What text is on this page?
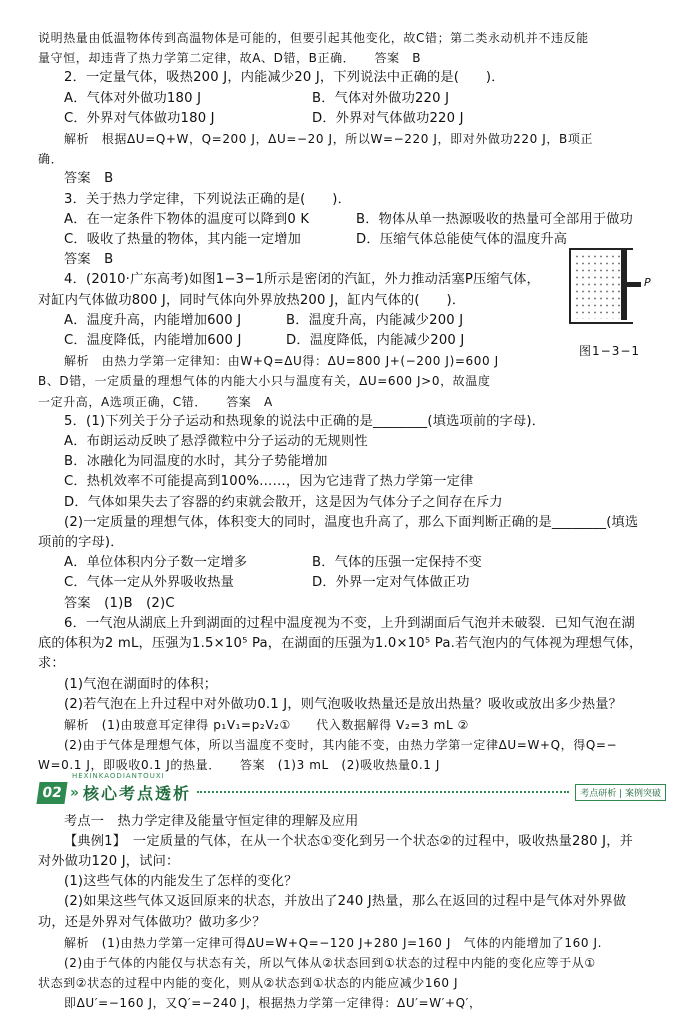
说明热量由低温物体传到高温物体是可能的，但要引起其他变化，故C错；第二类永动机并不违反能
量守恒，却违背了热力学第二定律，故A、D错，B正确．　　答案　B
2．一定量气体，吸热200 J，内能减少20 J，下列说法中正确的是(　　)．
A．气体对外做功180 J	B．气体对外做功220 J
C．外界对气体做功180 J	D．外界对气体做功220 J
解析　根据ΔU=Q+W，Q=200 J，ΔU=−20 J，所以W=−220 J，即对外做功220 J，B项正
确．
答案　B
3．关于热力学定律，下列说法正确的是(　　)．
A．在一定条件下物体的温度可以降到0 K	B．物体从单一热源吸收的热量可全部用于做功
C．吸收了热量的物体，其内能一定增加	D．压缩气体总能使气体的温度升高
答案　B
4．(2010·广东高考)如图1−3−1所示是密闭的汽缸，外力推动活塞P压缩气体，
对缸内气体做功800 J，同时气体向外界放热200 J，缸内气体的(　　)．
A．温度升高，内能增加600 J	B．温度升高，内能减少200 J
C．温度降低，内能增加600 J	D．温度降低，内能减少200 J
解析　由热力学第一定律知：由W+Q=ΔU得：ΔU=800 J+(−200 J)=600 J
B、D错，一定质量的理想气体的内能大小只与温度有关，ΔU=600 J>0，故温度
一定升高，A选项正确，C错．　　答案　A
5．(1)下列关于分子运动和热现象的说法中正确的是________(填选项前的字母)．
A．布朗运动反映了悬浮微粒中分子运动的无规则性
B．冰融化为同温度的水时，其分子势能增加
C．热机效率不可能提高到100%……，因为它违背了热力学第一定律
D．气体如果失去了容器的约束就会散开，这是因为气体分子之间存在斥力
(2)一定质量的理想气体，体积变大的同时，温度也升高了，那么下面判断正确的是________(填选
项前的字母)．
A．单位体积内分子数一定增多	B．气体的压强一定保持不变
C．气体一定从外界吸收热量	D．外界一定对气体做正功
答案　(1)B　(2)C
6．一气泡从湖底上升到湖面的过程中温度视为不变，上升到湖面后气泡并未破裂．已知气泡在湖
底的体积为2 mL，压强为1.5×10⁵ Pa，在湖面的压强为1.0×10⁵ Pa.若气泡内的气体视为理想气体，
求：
(1)气泡在湖面时的体积；
(2)若气泡在上升过程中对外做功0.1 J，则气泡吸收热量还是放出热量？吸收或放出多少热量？
解析　(1)由玻意耳定律得 p₁V₁=p₂V₂①　　代入数据解得 V₂=3 mL ②
(2)由于气体是理想气体，所以当温度不变时，其内能不变，由热力学第一定律ΔU=W+Q，得Q=−
W=0.1 J，即吸收0.1 J的热量．　　答案　(1)3 mL　(2)吸收热量0.1 J
02 »
HEXINKAODIANTOUXI
核心考点透析	考点研析 | 案例突破
考点一　热力学定律及能量守恒定律的理解及应用
【典例1】　一定质量的气体，在从一个状态①变化到另一个状态②的过程中，吸收热量280 J，并
对外做功120 J，试问：
(1)这些气体的内能发生了怎样的变化？
(2)如果这些气体又返回原来的状态，并放出了240 J热量，那么在返回的过程中是气体对外界做
功，还是外界对气体做功？做功多少？
解析　(1)由热力学第一定律可得ΔU=W+Q=−120 J+280 J=160 J　气体的内能增加了160 J.
(2)由于气体的内能仅与状态有关，所以气体从②状态回到①状态的过程中内能的变化应等于从①
状态到②状态的过程中内能的变化，则从②状态到①状态的内能应减少160 J
即ΔU′=−160 J，又Q′=−240 J，根据热力学第一定律得：ΔU′=W′+Q′，
P
图1−3−1
